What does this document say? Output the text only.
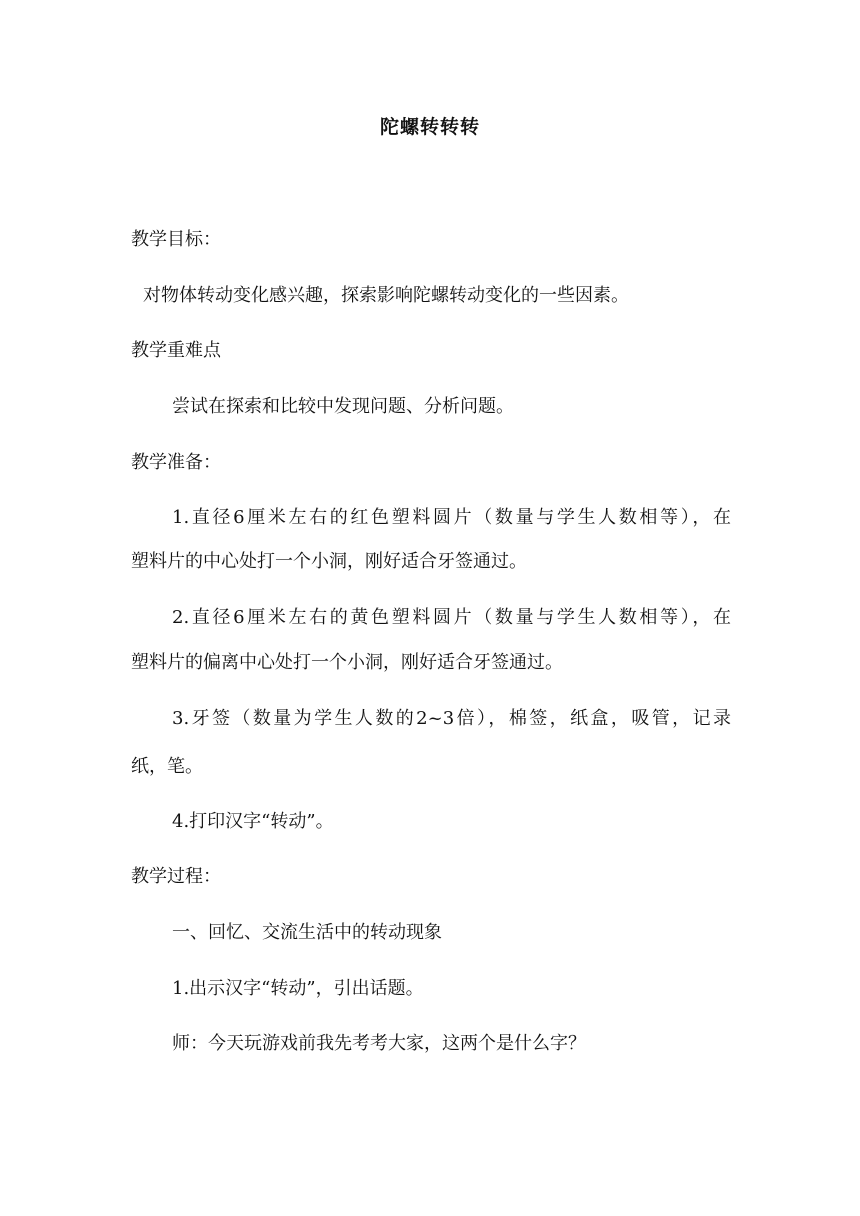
陀螺转转转
教学目标：
对物体转动变化感兴趣，探索影响陀螺转动变化的一些因素。
教学重难点
尝试在探索和比较中发现问题、分析问题。
教学准备：
1.直径6厘米左右的红色塑料圆片（数量与学生人数相等），在
塑料片的中心处打一个小洞，刚好适合牙签通过。
2.直径6厘米左右的黄色塑料圆片（数量与学生人数相等），在
塑料片的偏离中心处打一个小洞，刚好适合牙签通过。
3.牙签（数量为学生人数的2~3倍），棉签，纸盒，吸管，记录
纸，笔。
4.打印汉字“转动”。
教学过程：
一、回忆、交流生活中的转动现象
1.出示汉字“转动”，引出话题。
师：今天玩游戏前我先考考大家，这两个是什么字？
